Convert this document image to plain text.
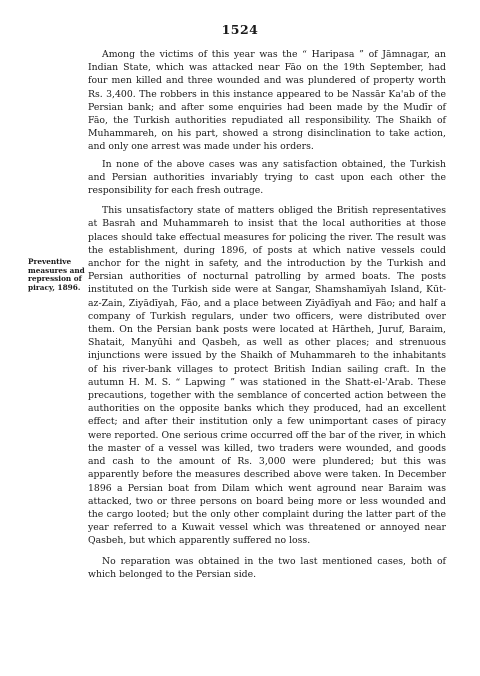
1524
Preventive
measures and
repression of
piracy, 1896.

Among the victims of this year was the “ Haripasa ” of Jāmnagar, an Indian State, which was attacked near Fāo on the 19th September, had four men killed and three wounded and was plundered of property worth Rs. 3,400. The robbers in this instance appeared to be Nassār Ka'ab of the Persian bank; and after some enquiries had been made by the Mudīr of Fāo, the Turkish authorities repudiated all responsibility. The Shaikh of Muhammareh, on his part, showed a strong disinclination to take action, and only one arrest was made under his orders.

In none of the above cases was any satisfaction obtained, the Turkish and Persian authorities invariably trying to cast upon each other the responsibility for each fresh outrage.

This unsatisfactory state of matters obliged the British representatives at Basrah and Muhammareh to insist that the local authorities at those places should take effectual measures for policing the river. The result was the establishment, during 1896, of posts at which native vessels could anchor for the night in safety, and the introduction by the Turkish and Persian authorities of nocturnal patrolling by armed boats. The posts instituted on the Turkish side were at Sangar, Shamshamīyah Island, Kūt-az-Zain, Ziyādīyah, Fāo, and a place between Ziyādīyah and Fāo; and half a company of Turkish regulars, under two officers, were distributed over them. On the Persian bank posts were located at Hārtheh, Juruf, Baraim, Shatait, Manyūhi and Qasbeh, as well as other places; and strenuous injunctions were issued by the Shaikh of Muhammareh to the inhabitants of his river-bank villages to protect British Indian sailing craft. In the autumn H. M. S. “ Lapwing ” was stationed in the Shatt-el-'Arab. These precautions, together with the semblance of concerted action between the authorities on the opposite banks which they produced, had an excellent effect; and after their institution only a few unimportant cases of piracy were reported. One serious crime occurred off the bar of the river, in which the master of a vessel was killed, two traders were wounded, and goods and cash to the amount of Rs. 3,000 were plundered; but this was apparently before the measures described above were taken. In December 1896 a Persian boat from Dilam which went aground near Baraim was attacked, two or three persons on board being more or less wounded and the cargo looted; but the only other complaint during the latter part of the year referred to a Kuwait vessel which was threatened or annoyed near Qasbeh, but which apparently suffered no loss.

No reparation was obtained in the two last mentioned cases, both of which belonged to the Persian side.
